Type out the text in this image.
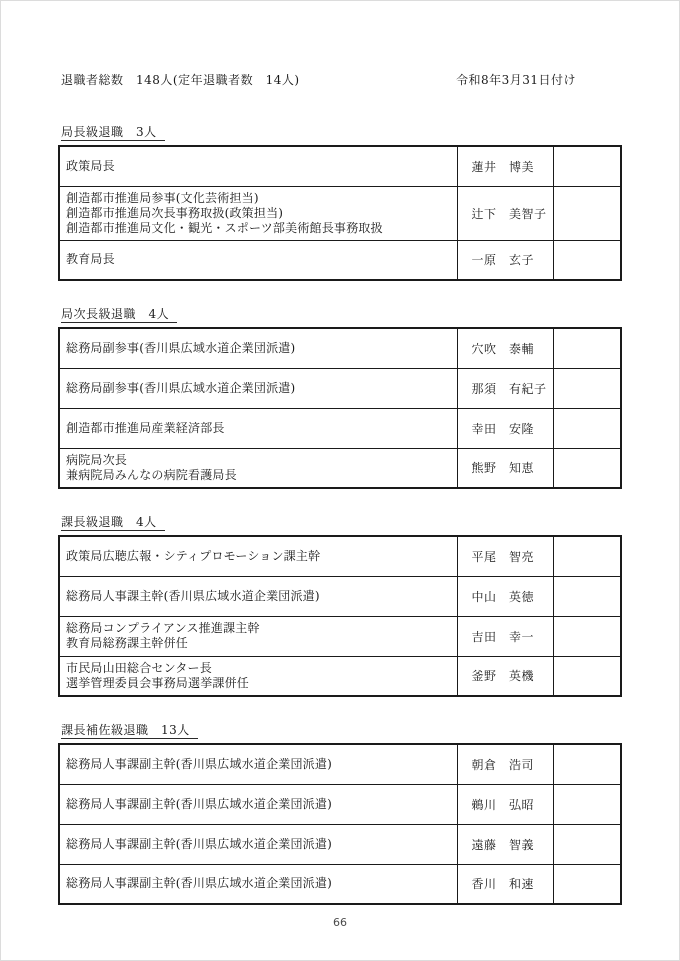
退職者総数　148人(定年退職者数　14人)	令和8年3月31日付け
局長級退職　3人
政策局長	蓮井　博美	

創造都市推進局参事(文化芸術担当)
創造都市推進局次長事務取扱(政策担当)
創造都市推進局文化・観光・スポーツ部美術館長事務取扱	辻下　美智子	

教育局長	一原　玄子	
局次長級退職　4人
総務局副参事(香川県広域水道企業団派遣)	穴吹　泰輔	

総務局副参事(香川県広域水道企業団派遣)	那須　有紀子	

創造都市推進局産業経済部長	幸田　安隆	

病院局次長
兼病院局みんなの病院看護局長	熊野　知恵	
課長級退職　4人
政策局広聴広報・シティプロモーション課主幹	平尾　智亮	

総務局人事課主幹(香川県広域水道企業団派遣)	中山　英徳	

総務局コンプライアンス推進課主幹
教育局総務課主幹併任	吉田　幸一	

市民局山田総合センター長
選挙管理委員会事務局選挙課併任	釜野　英機	
課長補佐級退職　13人
総務局人事課副主幹(香川県広域水道企業団派遣)	朝倉　浩司	

総務局人事課副主幹(香川県広域水道企業団派遣)	鵜川　弘昭	

総務局人事課副主幹(香川県広域水道企業団派遣)	遠藤　智義	

総務局人事課副主幹(香川県広域水道企業団派遣)	香川　和速	
66
